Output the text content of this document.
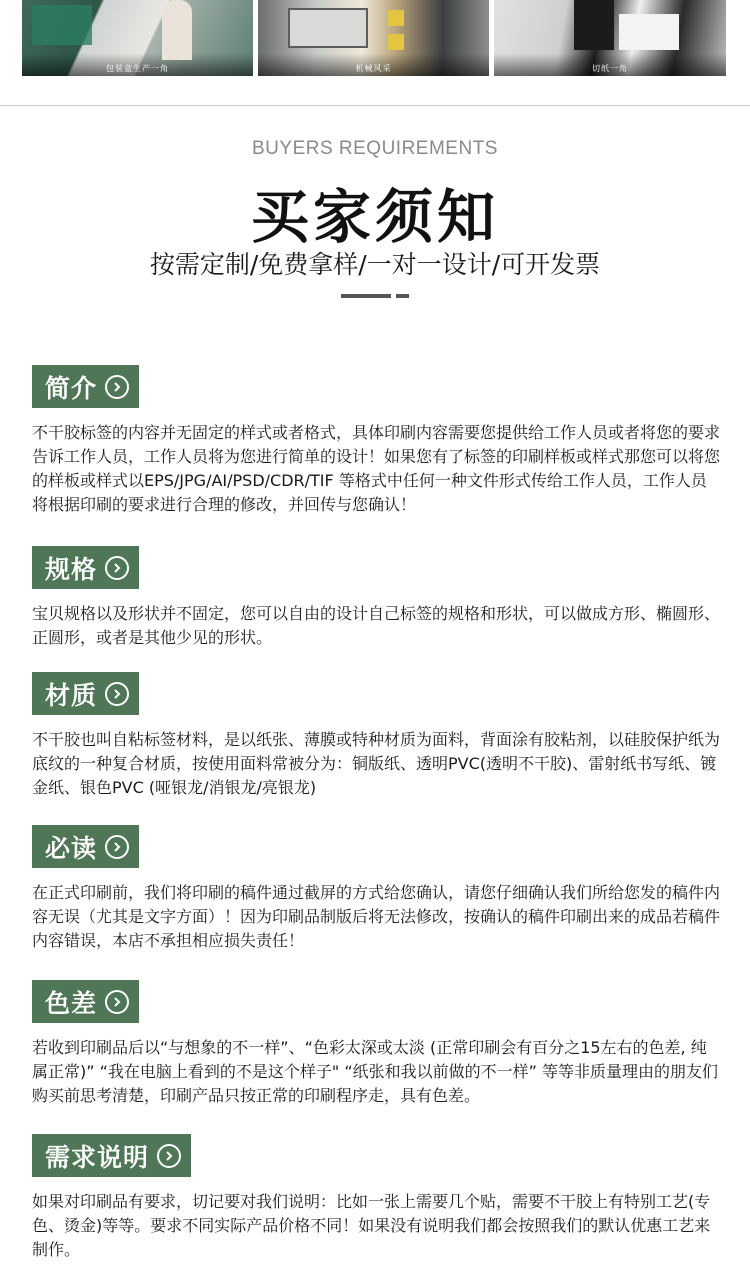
包装盒生产一角	机械风采	切纸一角
BUYERS REQUIREMENTS
买家须知
按需定制/免费拿样/一对一设计/可开发票
简介

不干胶标签的内容并无固定的样式或者格式，具体印刷内容需要您提供给工作人员或者将您的要求告诉工作人员，工作人员将为您进行简单的设计！如果您有了标签的印刷样板或样式那您可以将您的样板或样式以EPS/JPG/AI/PSD/CDR/TIF 等格式中任何一种文件形式传给工作人员，工作人员将根据印刷的要求进行合理的修改，并回传与您确认！

规格

宝贝规格以及形状并不固定，您可以自由的设计自己标签的规格和形状，可以做成方形、椭圆形、正圆形，或者是其他少见的形状。

材质

不干胶也叫自粘标签材料，是以纸张、薄膜或特种材质为面料，背面涂有胶粘剂，以硅胶保护纸为底纹的一种复合材质，按使用面料常被分为：铜版纸、透明PVC(透明不干胶)、雷射纸书写纸、镀金纸、银色PVC (哑银龙/消银龙/亮银龙)

必读

在正式印刷前，我们将印刷的稿件通过截屏的方式给您确认，请您仔细确认我们所给您发的稿件内容无误（尤其是文字方面）！因为印刷品制版后将无法修改，按确认的稿件印刷出来的成品若稿件内容错误，本店不承担相应损失责任！

色差

若收到印刷品后以“与想象的不一样”、“色彩太深或太淡 (正常印刷会有百分之15左右的色差, 纯属正常)” “我在电脑上看到的不是这个样子" “纸张和我以前做的不一样” 等等非质量理由的朋友们购买前思考清楚，印刷产品只按正常的印刷程序走，具有色差。

需求说明

如果对印刷品有要求，切记要对我们说明：比如一张上需要几个贴，需要不干胶上有特别工艺(专色、烫金)等等。要求不同实际产品价格不同！如果没有说明我们都会按照我们的默认优惠工艺来制作。
